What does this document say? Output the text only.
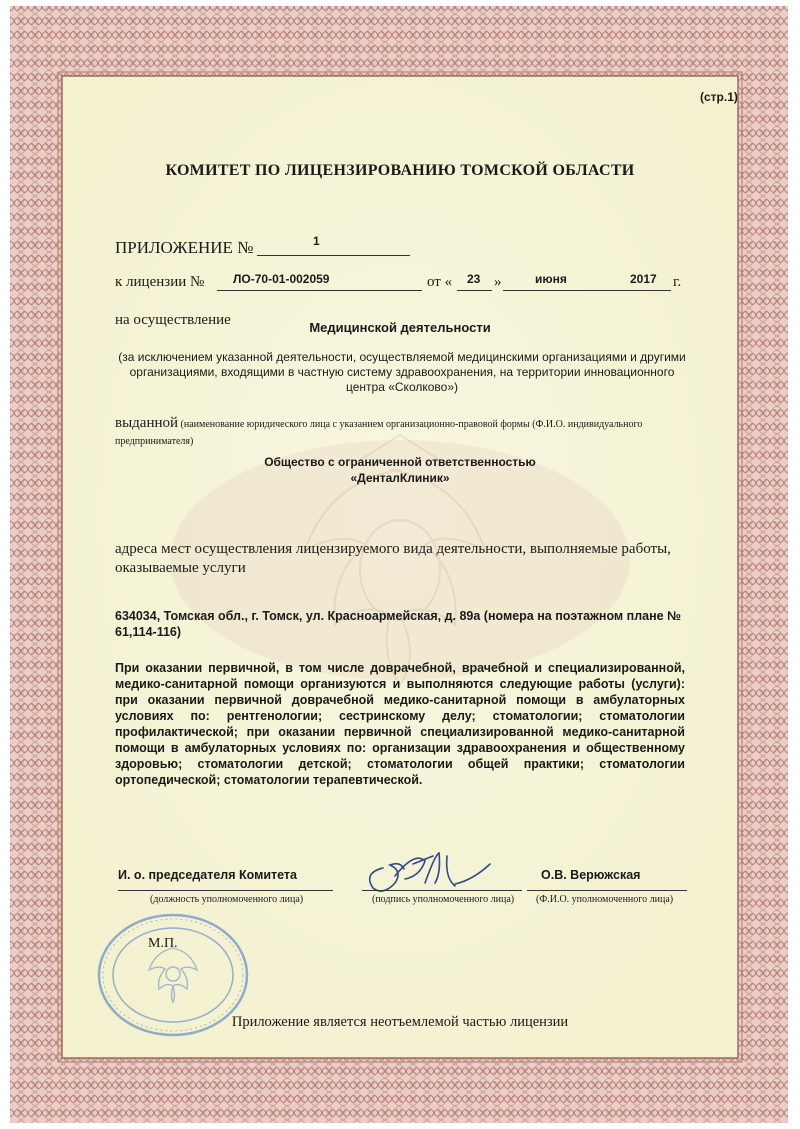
(стр.1)
КОМИТЕТ ПО ЛИЦЕНЗИРОВАНИЮ ТОМСКОЙ ОБЛАСТИ
ПРИЛОЖЕНИЕ №	1
к лицензии № ЛО-70-01-002059	от « 23 »	июня	2017 г.
на осуществление	Медицинской деятельности
(за исключением указанной деятельности, осуществляемой медицинскими организациями и другими организациями, входящими в частную систему здравоохранения, на территории инновационного центра «Сколково»)
выданной (наименование юридического лица с указанием организационно-правовой формы (Ф.И.О. индивидуального
предпринимателя)
Общество с ограниченной ответственностью
«ДенталКлиник»
адреса мест осуществления лицензируемого вида деятельности, выполняемые работы, оказываемые услуги
634034, Томская обл., г. Томск, ул. Красноармейская, д. 89а (номера на поэтажном плане № 61,114-116)
При оказании первичной, в том числе доврачебной, врачебной и специализированной, медико-санитарной помощи организуются и выполняются следующие работы (услуги): при оказании первичной доврачебной медико-санитарной помощи в амбулаторных условиях по: рентгенологии; сестринскому делу; стоматологии; стоматологии профилактической; при оказании первичной специализированной медико-санитарной помощи в амбулаторных условиях по: организации здравоохранения и общественному здоровью; стоматологии детской; стоматологии общей практики; стоматологии ортопедической; стоматологии терапевтической.
И. о. председателя Комитета
(должность уполномоченного лица)	(подпись уполномоченного лица)
О.В. Верюжская
(Ф.И.О. уполномоченного лица)
М.П.
Приложение является неотъемлемой частью лицензии
